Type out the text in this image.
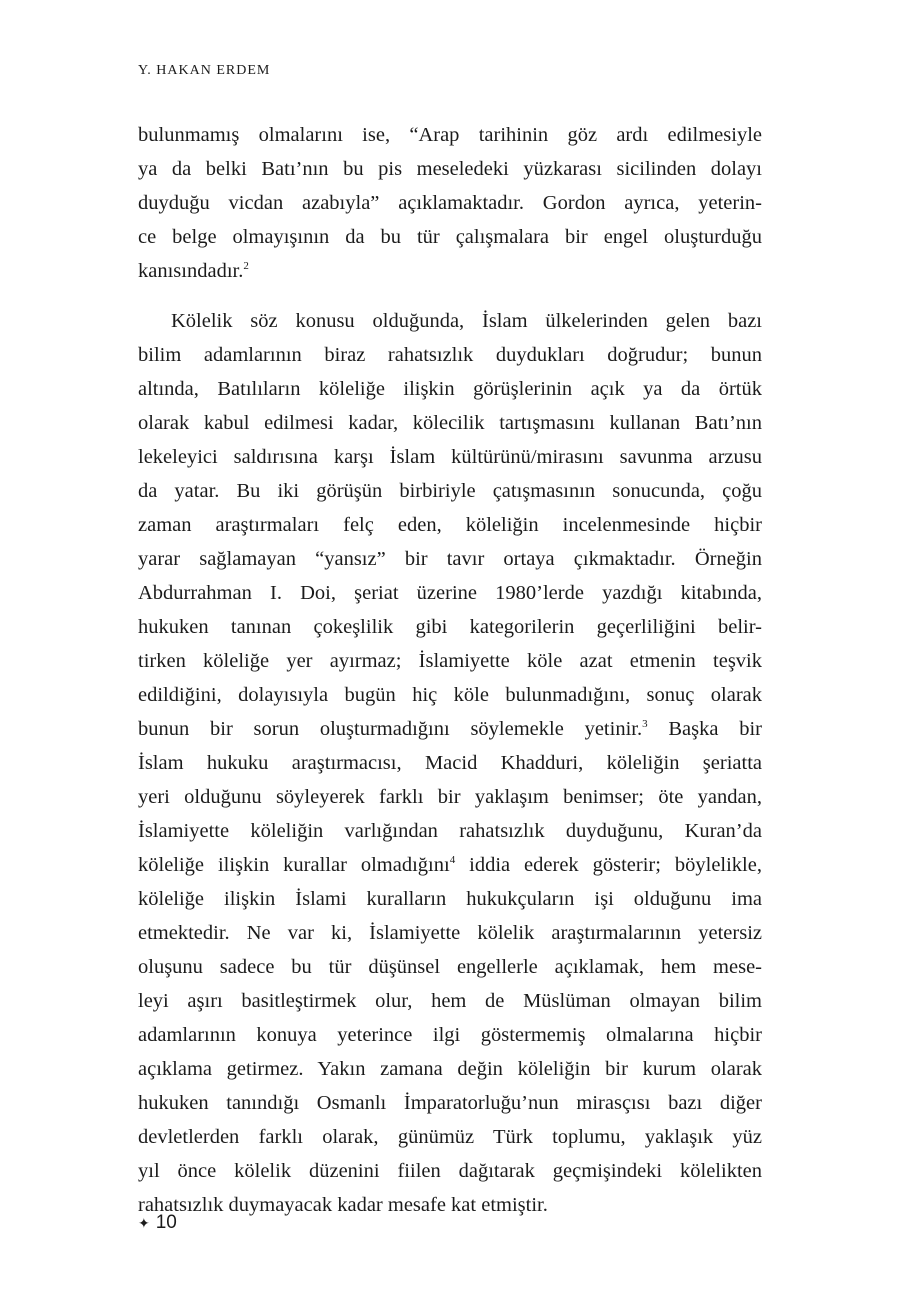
Y. HAKAN ERDEM
bulunmamış olmalarını ise, “Arap tarihinin göz ardı edilmesiyle
ya da belki Batı’nın bu pis meseledeki yüzkarası sicilinden dolayı
duyduğu vicdan azabıyla” açıklamaktadır. Gordon ayrıca, yeterin-
ce belge olmayışının da bu tür çalışmalara bir engel oluşturduğu
kanısındadır.$^2$
Kölelik söz konusu olduğunda, İslam ülkelerinden gelen bazı
bilim adamlarının biraz rahatsızlık duydukları doğrudur; bunun
altında, Batılıların köleliğe ilişkin görüşlerinin açık ya da örtük
olarak kabul edilmesi kadar, kölecilik tartışmasını kullanan Batı’nın
lekeleyici saldırısına karşı İslam kültürünü/mirasını savunma arzusu
da yatar. Bu iki görüşün birbiriyle çatışmasının sonucunda, çoğu
zaman araştırmaları felç eden, köleliğin incelenmesinde hiçbir
yarar sağlamayan “yansız” bir tavır ortaya çıkmaktadır. Örneğin
Abdurrahman I. Doi, şeriat üzerine 1980’lerde yazdığı kitabında,
hukuken tanınan çokeşlilik gibi kategorilerin geçerliliğini belir-
tirken köleliğe yer ayırmaz; İslamiyette köle azat etmenin teşvik
edildiğini, dolayısıyla bugün hiç köle bulunmadığını, sonuç olarak
bunun bir sorun oluşturmadığını söylemekle yetinir.$^3$ Başka bir
İslam hukuku araştırmacısı, Macid Khadduri, köleliğin şeriatta
yeri olduğunu söyleyerek farklı bir yaklaşım benimser; öte yandan,
İslamiyette köleliğin varlığından rahatsızlık duyduğunu, Kuran’da
köleliğe ilişkin kurallar olmadığını$^4$ iddia ederek gösterir; böylelikle,
köleliğe ilişkin İslami kuralların hukukçuların işi olduğunu ima
etmektedir. Ne var ki, İslamiyette kölelik araştırmalarının yetersiz
oluşunu sadece bu tür düşünsel engellerle açıklamak, hem mese-
leyi aşırı basitleştirmek olur, hem de Müslüman olmayan bilim
adamlarının konuya yeterince ilgi göstermemiş olmalarına hiçbir
açıklama getirmez. Yakın zamana değin köleliğin bir kurum olarak
hukuken tanındığı Osmanlı İmparatorluğu’nun mirasçısı bazı diğer
devletlerden farklı olarak, günümüz Türk toplumu, yaklaşık yüz
yıl önce kölelik düzenini fiilen dağıtarak geçmişindeki kölelikten
rahatsızlık duymayacak kadar mesafe kat etmiştir.
✦ 10
